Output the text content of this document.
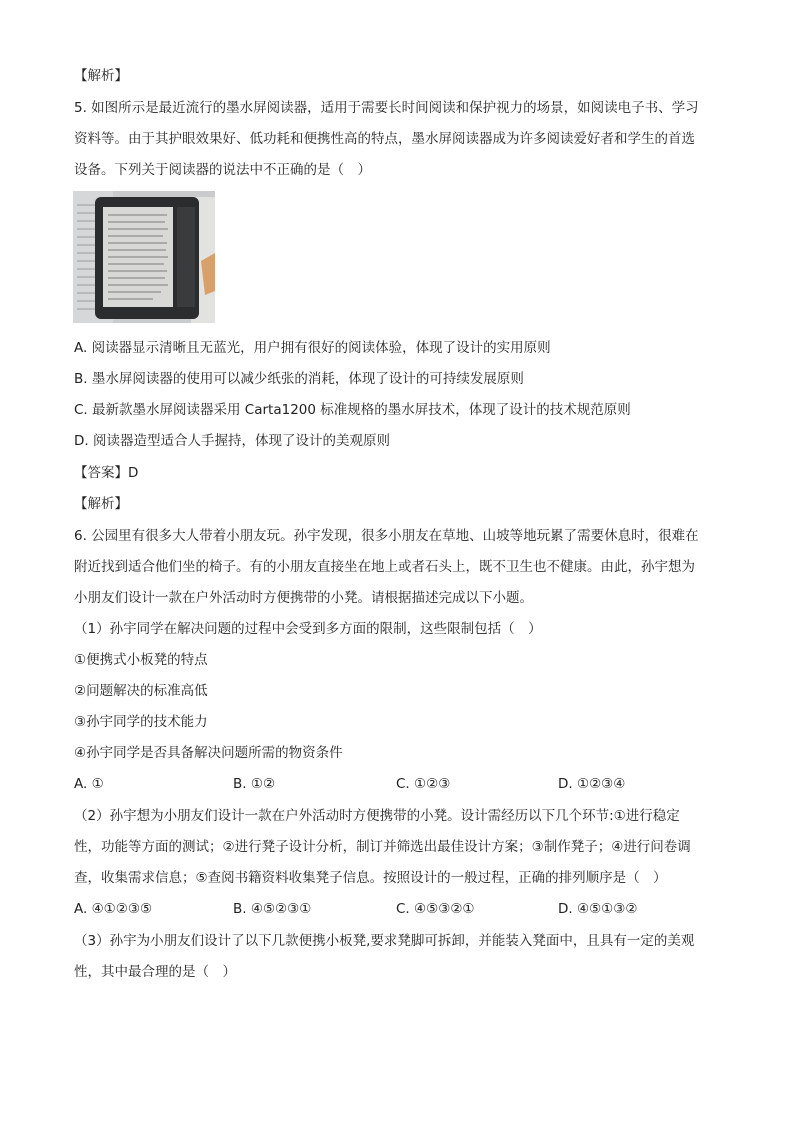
【解析】
5. 如图所示是最近流行的墨水屏阅读器，适用于需要长时间阅读和保护视力的场景，如阅读电子书、学习
资料等。由于其护眼效果好、低功耗和便携性高的特点，墨水屏阅读器成为许多阅读爱好者和学生的首选
设备。下列关于阅读器的说法中不正确的是（　）
A. 阅读器显示清晰且无蓝光，用户拥有很好的阅读体验，体现了设计的实用原则
B. 墨水屏阅读器的使用可以减少纸张的消耗，体现了设计的可持续发展原则
C. 最新款墨水屏阅读器采用 Carta1200 标准规格的墨水屏技术，体现了设计的技术规范原则
D. 阅读器造型适合人手握持，体现了设计的美观原则
【答案】D
【解析】
6. 公园里有很多大人带着小朋友玩。孙宇发现，很多小朋友在草地、山坡等地玩累了需要休息时，很难在
附近找到适合他们坐的椅子。有的小朋友直接坐在地上或者石头上，既不卫生也不健康。由此，孙宇想为
小朋友们设计一款在户外活动时方便携带的小凳。请根据描述完成以下小题。
（1）孙宇同学在解决问题的过程中会受到多方面的限制，这些限制包括（　）
①便携式小板凳的特点
②问题解决的标准高低
③孙宇同学的技术能力
④孙宇同学是否具备解决问题所需的物资条件
A. ①	B. ①②	C. ①②③	D. ①②③④
（2）孙宇想为小朋友们设计一款在户外活动时方便携带的小凳。设计需经历以下几个环节:①进行稳定
性，功能等方面的测试；②进行凳子设计分析，制订并筛选出最佳设计方案；③制作凳子；④进行问卷调
查，收集需求信息；⑤查阅书籍资料收集凳子信息。按照设计的一般过程，正确的排列顺序是（　）
A. ④①②③⑤	B. ④⑤②③①	C. ④⑤③②①	D. ④⑤①③②
（3）孙宇为小朋友们设计了以下几款便携小板凳,要求凳脚可拆卸，并能装入凳面中，且具有一定的美观
性，其中最合理的是（　）
